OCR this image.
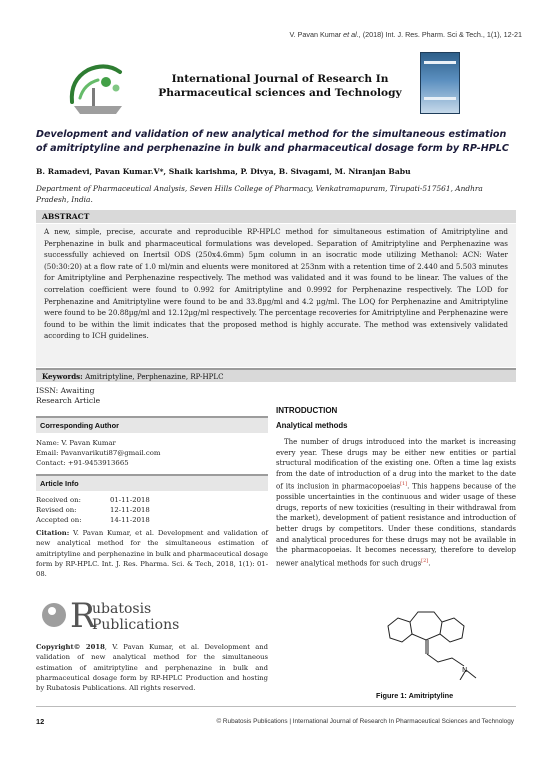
V. Pavan Kumar et al., (2018) Int. J. Res. Pharm. Sci & Tech., 1(1), 12-21
International Journal of Research In
Pharmaceutical sciences and Technology
Development and validation of new analytical method for the simultaneous estimation of amitriptyline and perphenazine in bulk and pharmaceutical dosage form by RP-HPLC
B. Ramadevi, Pavan Kumar.V*, Shaik karishma, P. Divya, B. Sivagami, M. Niranjan Babu
Department of Pharmaceutical Analysis, Seven Hills College of Pharmacy, Venkatramapuram, Tirupati-517561, Andhra Pradesh, India.
ABSTRACT
A new, simple, precise, accurate and reproducible RP-HPLC method for simultaneous estimation of Amitriptyline and Perphenazine in bulk and pharmaceutical formulations was developed. Separation of Amitriptyline and Perphenazine was successfully achieved on Inertsil ODS (250x4.6mm) 5µm column in an isocratic mode utilizing Methanol: ACN: Water (50:30:20) at a flow rate of 1.0 ml/min and eluents were monitored at 253nm with a retention time of 2.440 and 5.503 minutes for Amitriptyline and Perphenazine respectively. The method was validated and it was found to be linear. The values of the correlation coefficient were found to 0.992 for Amitriptyline and 0.9992 for Perphenazine respectively. The LOD for Perphenazine and Amitriptyline were found to be and 33.8µg/ml and 4.2 µg/ml. The LOQ for Perphenazine and Amitriptyline were found to be 20.88µg/ml and 12.12µg/ml respectively. The percentage recoveries for Amitriptyline and Perphenazine were found to be within the limit indicates that the proposed method is highly accurate. The method was extensively validated according to ICH guidelines.
Keywords: Amitriptyline, Perphenazine, RP-HPLC
ISSN: Awaiting
Research Article
Corresponding Author
Name: V. Pavan Kumar
Email: Pavanvarikuti87@gmail.com
Contact: +91-9453913665
Article Info
Received on:	01-11-2018
Revised on:	12-11-2018
Accepted on:	14-11-2018
Citation: V. Pavan Kumar, et al. Development and validation of new analytical method for the simultaneous estimation of amitriptyline and perphenazine in bulk and pharmaceutical dosage form by RP-HPLC. Int. J. Res. Pharma. Sci. & Tech, 2018, 1(1): 01-08.
R
ubatosis
Publications
Copyright© 2018, V. Pavan Kumar, et al. Development and validation of new analytical method for the simultaneous estimation of amitriptyline and perphenazine in bulk and pharmaceutical dosage form by RP-HPLC Production and hosting by Rubatosis Publications. All rights reserved.
INTRODUCTION
Analytical methods
The number of drugs introduced into the market is increasing every year. These drugs may be either new entities or partial structural modification of the existing one. Often a time lag exists from the date of introduction of a drug into the market to the date of its inclusion in pharmacopoeias[1]. This happens because of the possible uncertainties in the continuous and wider usage of these drugs, reports of new toxicities (resulting in their withdrawal from the market), development of patient resistance and introduction of better drugs by competitors. Under these conditions, standards and analytical procedures for these drugs may not be available in the pharmacopoeias. It becomes necessary, therefore to develop newer analytical methods for such drugs[2].
N
Figure 1: Amitriptyline
12	© Rubatosis Publications | International Journal of Research In Pharmaceutical Sciences and Technology
